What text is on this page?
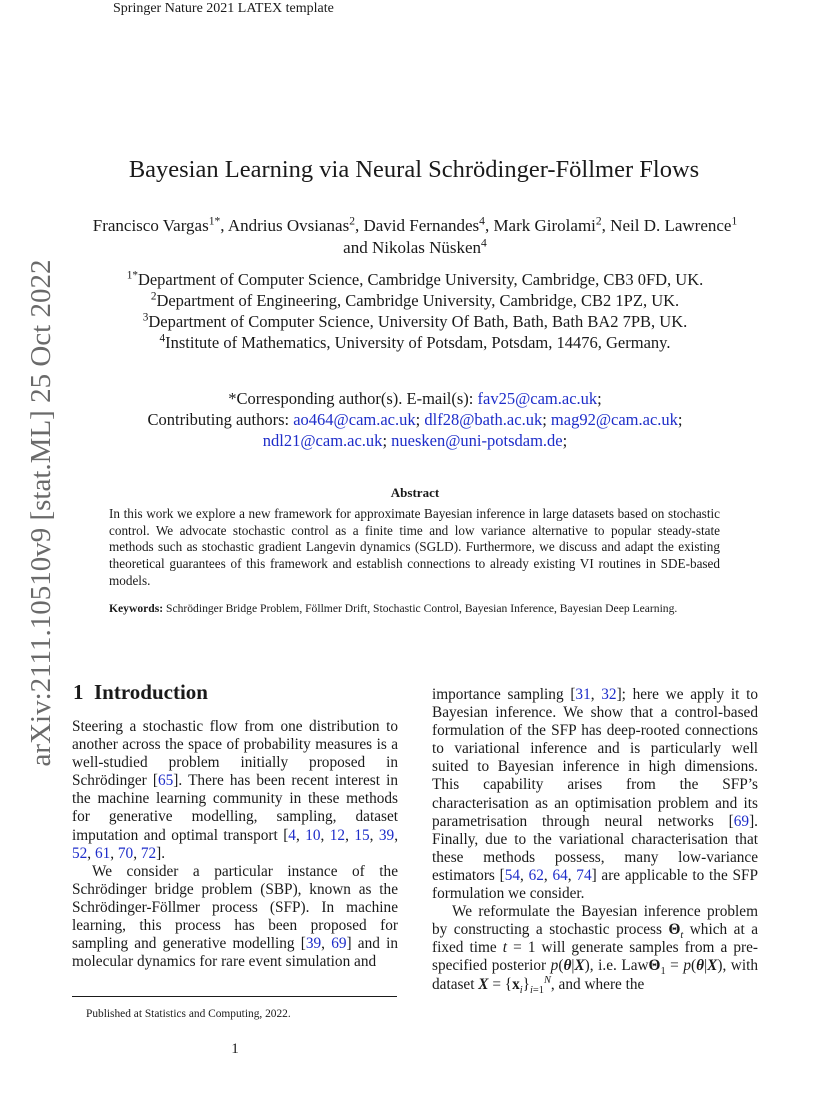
Springer Nature 2021 LATEX template
arXiv:2111.10510v9 [stat.ML] 25 Oct 2022
Bayesian Learning via Neural Schrödinger-Föllmer Flows
Francisco Vargas$^{1*}$, Andrius Ovsianas$^2$, David Fernandes$^4$, Mark Girolami$^2$, Neil D. Lawrence$^1$ and Nikolas Nüsken$^4$
$^{1*}$Department of Computer Science, Cambridge University, Cambridge, CB3 0FD, UK.
$^2$Department of Engineering, Cambridge University, Cambridge, CB2 1PZ, UK.
$^3$Department of Computer Science, University Of Bath, Bath, Bath BA2 7PB, UK.
$^4$Institute of Mathematics, University of Potsdam, Potsdam, 14476, Germany.
*Corresponding author(s). E-mail(s): fav25@cam.ac.uk;
Contributing authors: ao464@cam.ac.uk; dlf28@bath.ac.uk; mag92@cam.ac.uk;
ndl21@cam.ac.uk; nuesken@uni-potsdam.de;
Abstract
In this work we explore a new framework for approximate Bayesian inference in large datasets based on stochastic control. We advocate stochastic control as a finite time and low variance alternative to popular steady-state methods such as stochastic gradient Langevin dynamics (SGLD). Furthermore, we discuss and adapt the existing theoretical guarantees of this framework and establish connections to already existing VI routines in SDE-based models.
Keywords: Schrödinger Bridge Problem, Föllmer Drift, Stochastic Control, Bayesian Inference, Bayesian Deep Learning.
1 Introduction

Steering a stochastic flow from one distribution to another across the space of probability measures is a well-studied problem initially proposed in Schrödinger [65]. There has been recent interest in the machine learning community in these methods for generative modelling, sampling, dataset imputation and optimal transport [4, 10, 12, 15, 39, 52, 61, 70, 72].

We consider a particular instance of the Schrödinger bridge problem (SBP), known as the Schrödinger-Föllmer process (SFP). In machine learning, this process has been proposed for sampling and generative modelling [39, 69] and in molecular dynamics for rare event simulation and

importance sampling [31, 32]; here we apply it to Bayesian inference. We show that a control-based formulation of the SFP has deep-rooted connections to variational inference and is particularly well suited to Bayesian inference in high dimensions. This capability arises from the SFP’s characterisation as an optimisation problem and its parametrisation through neural networks [69]. Finally, due to the variational characterisation that these methods possess, many low-variance estimators [54, 62, 64, 74] are applicable to the SFP formulation we consider.

We reformulate the Bayesian inference problem by constructing a stochastic process $\Theta_t$ which at a fixed time t = 1 will generate samples from a pre-specified posterior p(θ|X), i.e. LawΘ$_1$ = p(θ|X), with dataset $X = \{x_i\}_{i=1}^N$, and where the

Published at Statistics and Computing, 2022.
1
